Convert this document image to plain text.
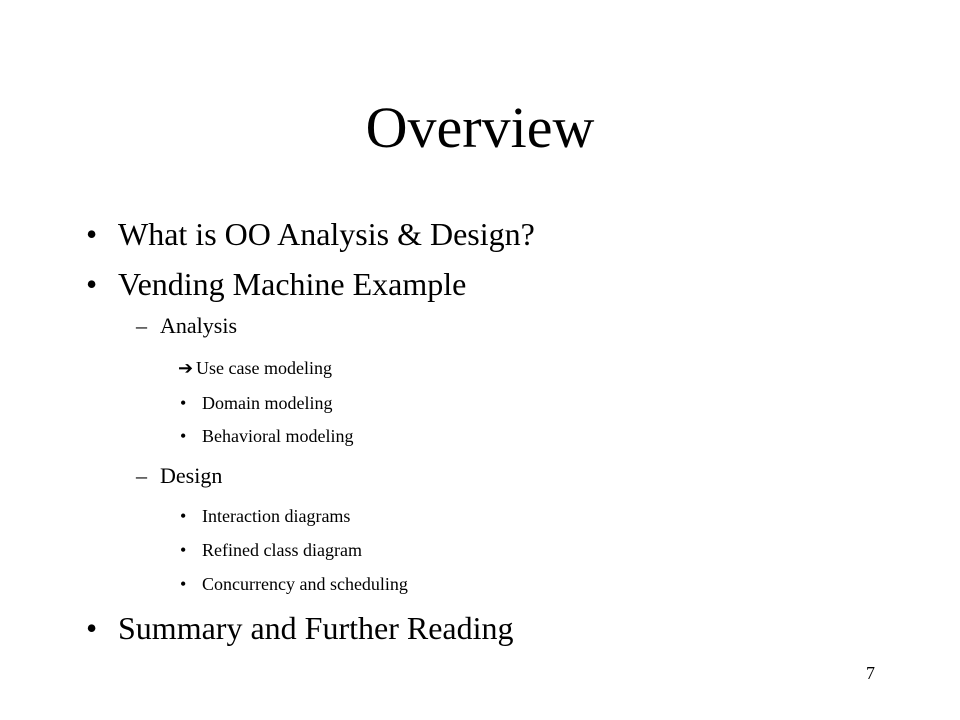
Overview
• What is OO Analysis & Design?
• Vending Machine Example
– Analysis
➔ Use case modeling
• Domain modeling
• Behavioral modeling
– Design
• Interaction diagrams
• Refined class diagram
• Concurrency and scheduling
• Summary and Further Reading
7
